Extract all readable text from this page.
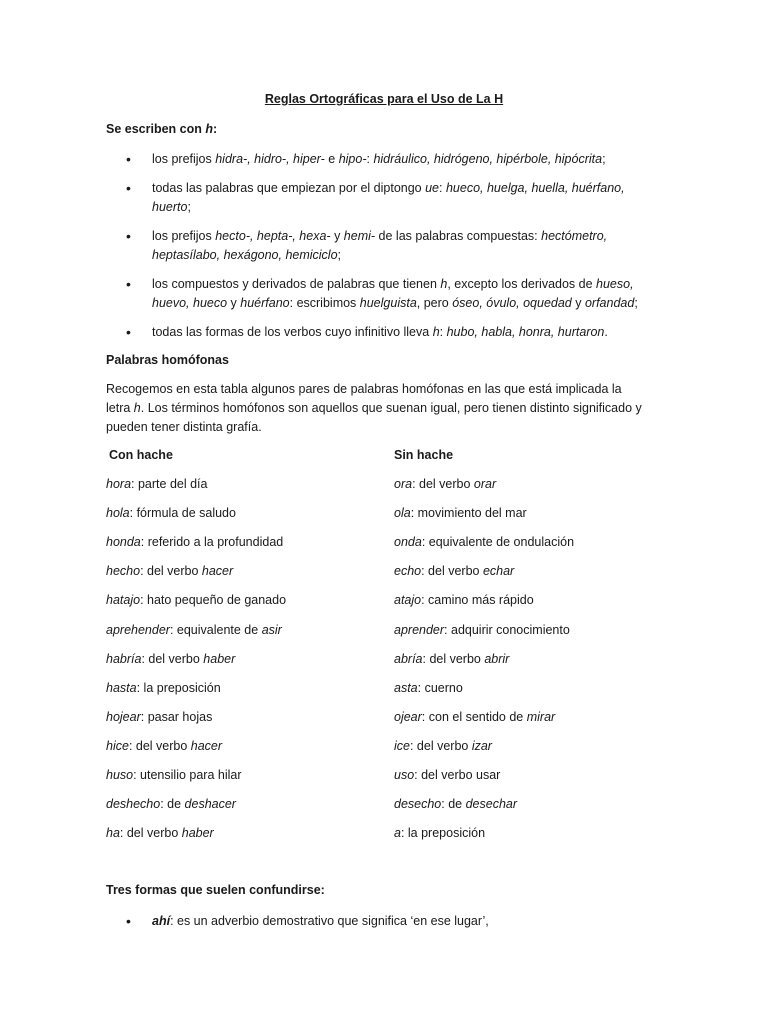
Reglas Ortográficas para el Uso de La H
Se escriben con h:
• los prefijos hidra-, hidro-, hiper- e hipo-: hidráulico, hidrógeno, hipérbole, hipócrita;
• todas las palabras que empiezan por el diptongo ue: hueco, huelga, huella, huérfano,
huerto;
• los prefijos hecto-, hepta-, hexa- y hemi- de las palabras compuestas: hectómetro,
heptasílabo, hexágono, hemiciclo;
• los compuestos y derivados de palabras que tienen h, excepto los derivados de hueso,
huevo, hueco y huérfano: escribimos huelguista, pero óseo, óvulo, oquedad y orfandad;
• todas las formas de los verbos cuyo infinitivo lleva h: hubo, habla, honra, hurtaron.
Palabras homófonas
Recogemos en esta tabla algunos pares de palabras homófonas en las que está implicada la
letra h. Los términos homófonos son aquellos que suenan igual, pero tienen distinto significado y
pueden tener distinta grafía.
Con hache	Sin hache
hora: parte del día	ora: del verbo orar
hola: fórmula de saludo	ola: movimiento del mar
honda: referido a la profundidad	onda: equivalente de ondulación
hecho: del verbo hacer	echo: del verbo echar
hatajo: hato pequeño de ganado	atajo: camino más rápido
aprehender: equivalente de asir	aprender: adquirir conocimiento
habría: del verbo haber	abría: del verbo abrir
hasta: la preposición	asta: cuerno
hojear: pasar hojas	ojear: con el sentido de mirar
hice: del verbo hacer	ice: del verbo izar
huso: utensilio para hilar	uso: del verbo usar
deshecho: de deshacer	desecho: de desechar
ha: del verbo haber	a: la preposición
Tres formas que suelen confundirse:
• ahí: es un adverbio demostrativo que significa ‘en ese lugar’,
